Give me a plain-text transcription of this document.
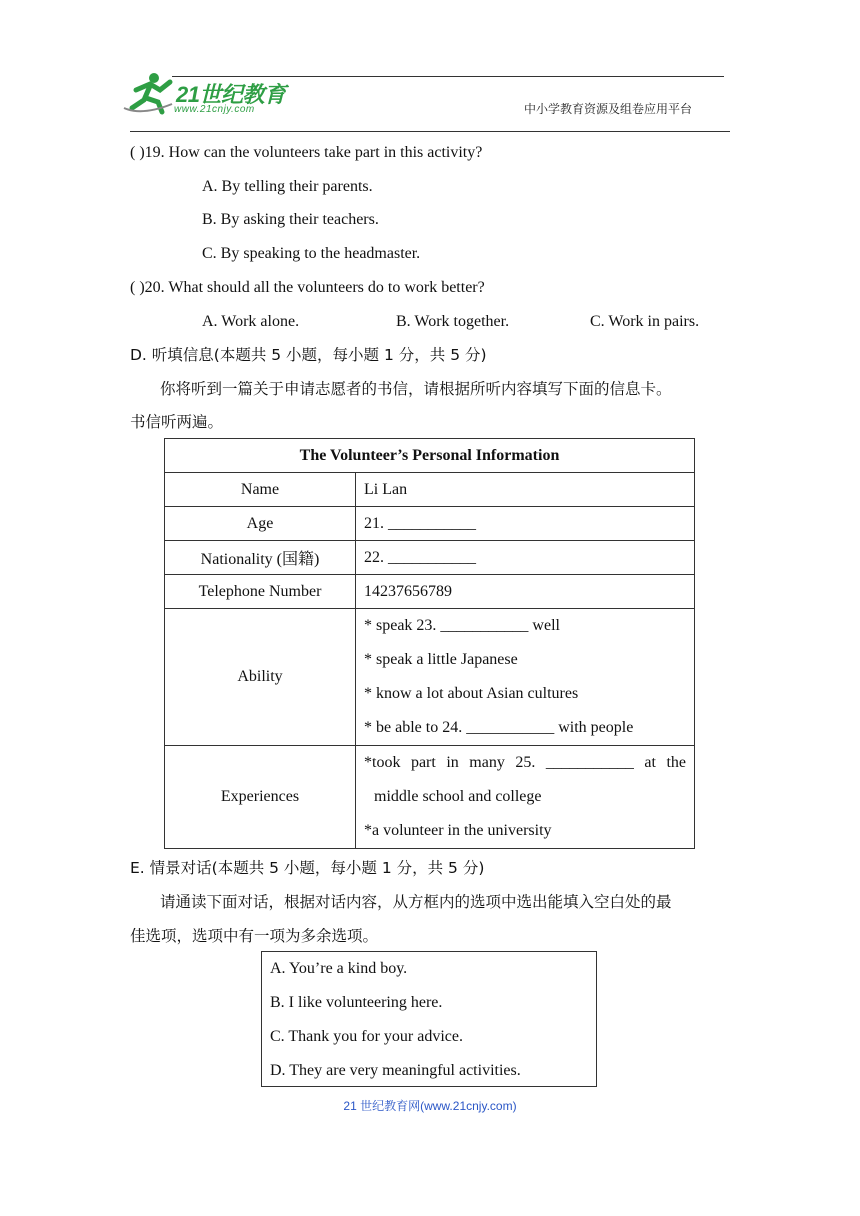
21世纪教育
www.21cnjy.com	中小学教育资源及组卷应用平台
( )19. How can the volunteers take part in this activity?
A. By telling their parents.
B. By asking their teachers.
C. By speaking to the headmaster.
( )20. What should all the volunteers do to work better?
A. Work alone.	B. Work together.	C. Work in pairs.
D. 听填信息(本题共 5 小题，每小题 1 分，共 5 分)
你将听到一篇关于申请志愿者的书信，请根据所听内容填写下面的信息卡。
书信听两遍。
The Volunteer’s Personal Information	
Name	Li Lan
Age	21. ___________
Nationality (国籍)	22. ___________
Telephone Number	14237656789
Ability	* speak 23. ___________ well
* speak a little Japanese
* know a lot about Asian cultures
* be able to 24. ___________ with people

Experiences	*took part in many 25. ___________ at the
middle school and college
*a volunteer in the university
E. 情景对话(本题共 5 小题，每小题 1 分，共 5 分)
请通读下面对话，根据对话内容，从方框内的选项中选出能填入空白处的最
佳选项，选项中有一项为多余选项。
A. You’re a kind boy.
B. I like volunteering here.
C. Thank you for your advice.
D. They are very meaningful activities.
21 世纪教育网(www.21cnjy.com)
